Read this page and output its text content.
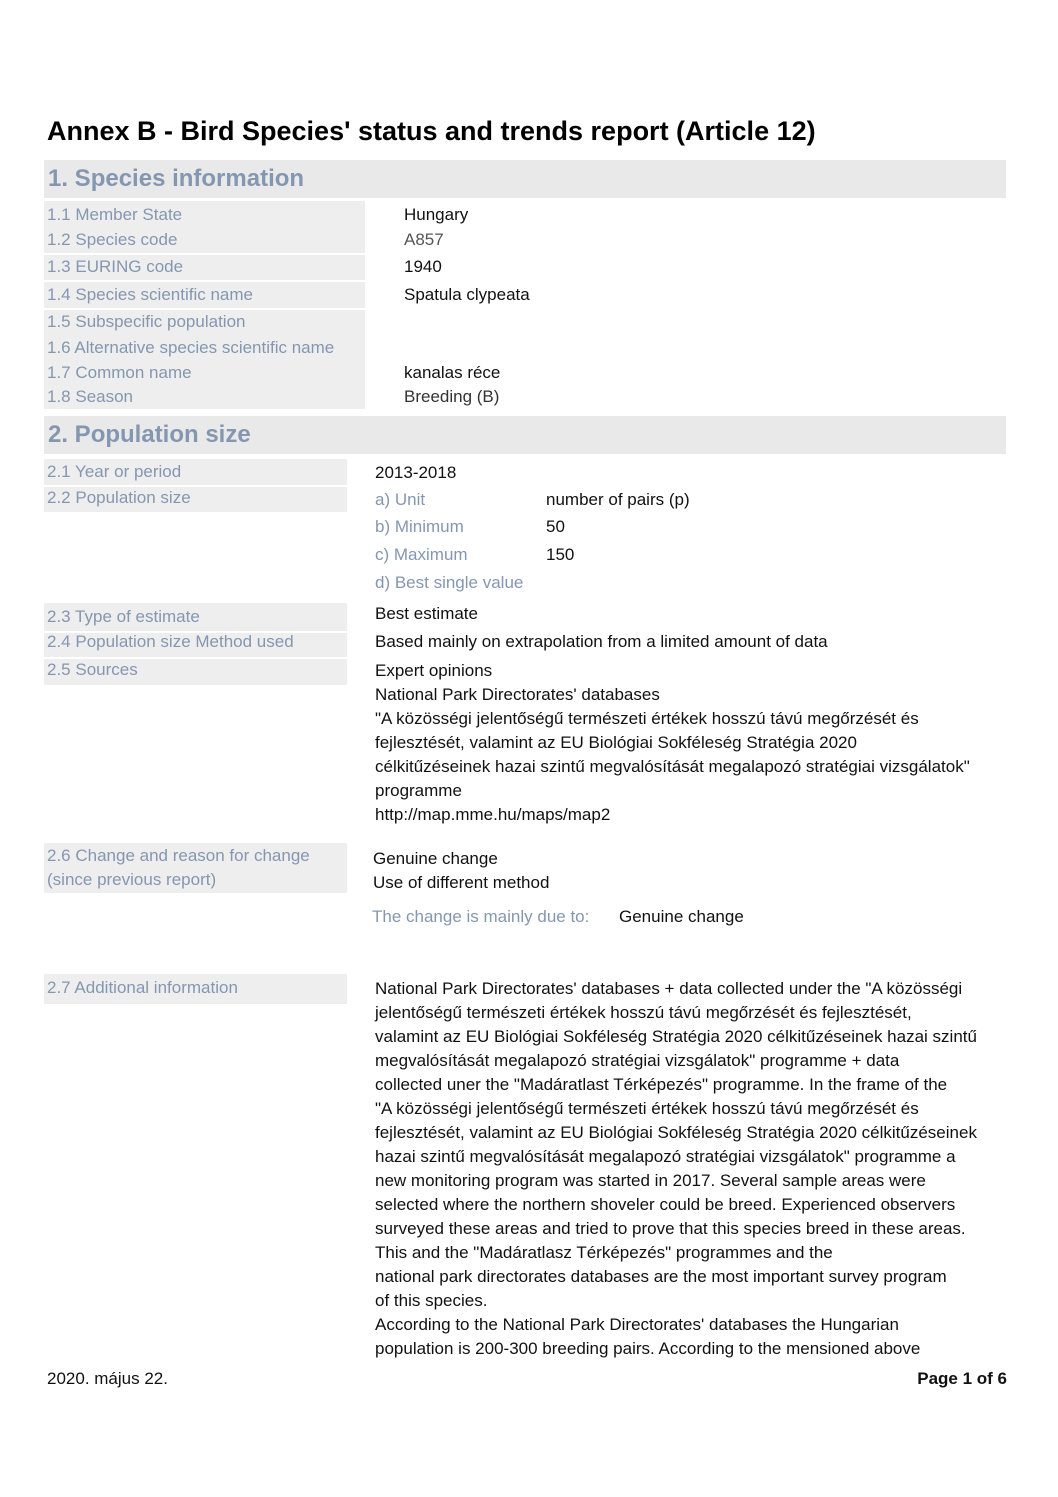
Annex B - Bird Species' status and trends report (Article 12)
1. Species information
1.1 Member State	Hungary
1.2 Species code	A857
1.3 EURING code	1940
1.4 Species scientific name	Spatula clypeata
1.5 Subspecific population
1.6 Alternative species scientific name
1.7 Common name	kanalas réce
1.8 Season	Breeding (B)
2. Population size
2.1 Year or period	2013-2018
2.2 Population size	a) Unit	number of pairs (p)
b) Minimum	50
c) Maximum	150
d) Best single value
2.3 Type of estimate	Best estimate
2.4 Population size Method used	Based mainly on extrapolation from a limited amount of data
2.5 Sources	Expert opinions
National Park Directorates' databases
"A közösségi jelentőségű természeti értékek hosszú távú megőrzését és
fejlesztését, valamint az EU Biológiai Sokféleség Stratégia 2020
célkitűzéseinek hazai szintű megvalósítását megalapozó stratégiai vizsgálatok"
programme
http://map.mme.hu/maps/map2
2.6 Change and reason for change
(since previous report)
Genuine change
Use of different method
The change is mainly due to: Genuine change
2.7 Additional information	National Park Directorates' databases + data collected under the "A közösségi
jelentőségű természeti értékek hosszú távú megőrzését és fejlesztését,
valamint az EU Biológiai Sokféleség Stratégia 2020 célkitűzéseinek hazai szintű
megvalósítását megalapozó stratégiai vizsgálatok" programme + data
collected uner the "Madáratlast Térképezés" programme. In the frame of the
"A közösségi jelentőségű természeti értékek hosszú távú megőrzését és
fejlesztését, valamint az EU Biológiai Sokféleség Stratégia 2020 célkitűzéseinek
hazai szintű megvalósítását megalapozó stratégiai vizsgálatok" programme a
new monitoring program was started in 2017. Several sample areas were
selected where the northern shoveler could be breed. Experienced observers
surveyed these areas and tried to prove that this species breed in these areas.
This and the "Madáratlasz Térképezés" programmes and the
national park directorates databases are the most important survey program
of this species.
According to the National Park Directorates' databases the Hungarian
population is 200-300 breeding pairs. According to the mensioned above
2020. május 22.	Page 1 of 6
